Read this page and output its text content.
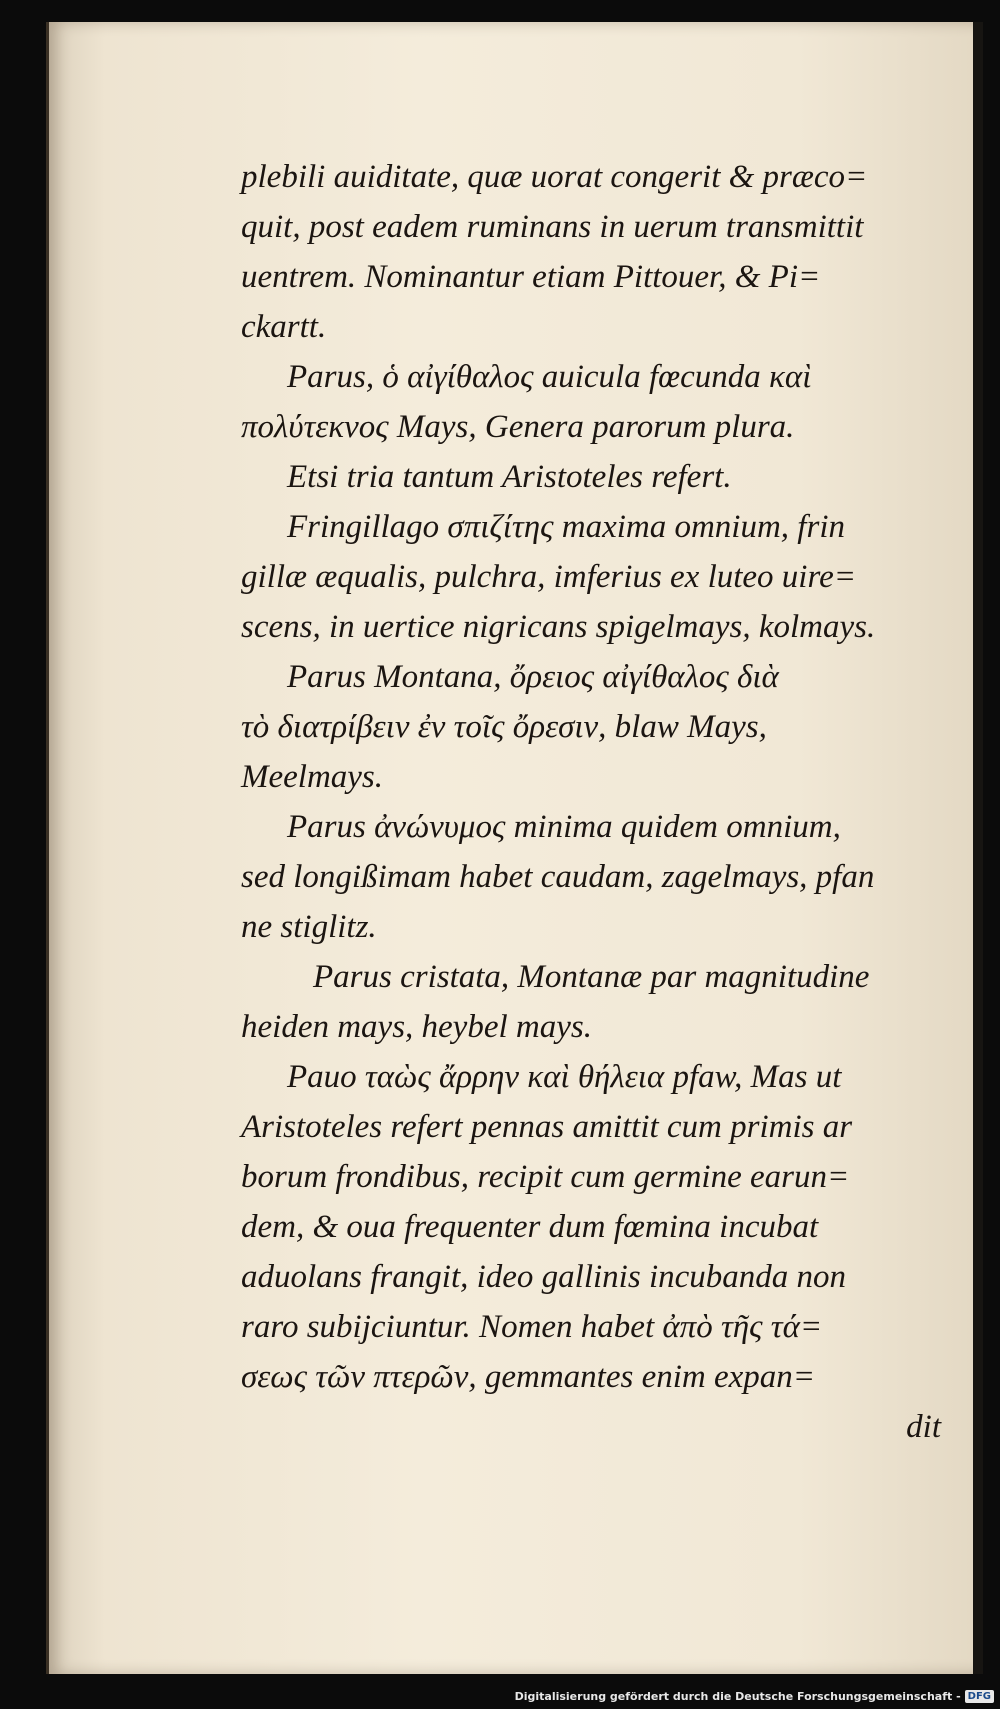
plebili auiditate, quæ uorat congerit & præco=
quit, post eadem ruminans in uerum transmittit
uentrem. Nominantur etiam Pittouer, & Pi=
ckartt.
Parus, ὁ αἰγίθαλος auicula fœcunda καὶ
πολύτεκνος Mays, Genera parorum plura.
Etsi tria tantum Aristoteles refert.
Fringillago σπιζίτης maxima omnium, frin
gillæ æqualis, pulchra, imferius ex luteo uire=
scens, in uertice nigricans spigelmays, kolmays.
Parus Montana, ὄρειος αἰγίθαλος διὰ
τὸ διατρίβειν ἐν τοῖς ὄρεσιν, blaw Mays,
Meelmays.
Parus ἀνώνυμος minima quidem omnium,
sed longißimam habet caudam, zagelmays, pfan
ne stiglitz.
Parus cristata, Montanæ par magnitudine
heiden mays, heybel mays.
Pauo ταὼς ἄρρην καὶ θήλεια pfaw, Mas ut
Aristoteles refert pennas amittit cum primis ar
borum frondibus, recipit cum germine earun=
dem, & oua frequenter dum fœmina incubat
aduolans frangit, ideo gallinis incubanda non
raro subijciuntur. Nomen habet ἀπὸ τῆς τά=
σεως τῶν πτερῶν, gemmantes enim expan=
dit
Digitalisierung gefördert durch die Deutsche Forschungsgemeinschaft - DFG
